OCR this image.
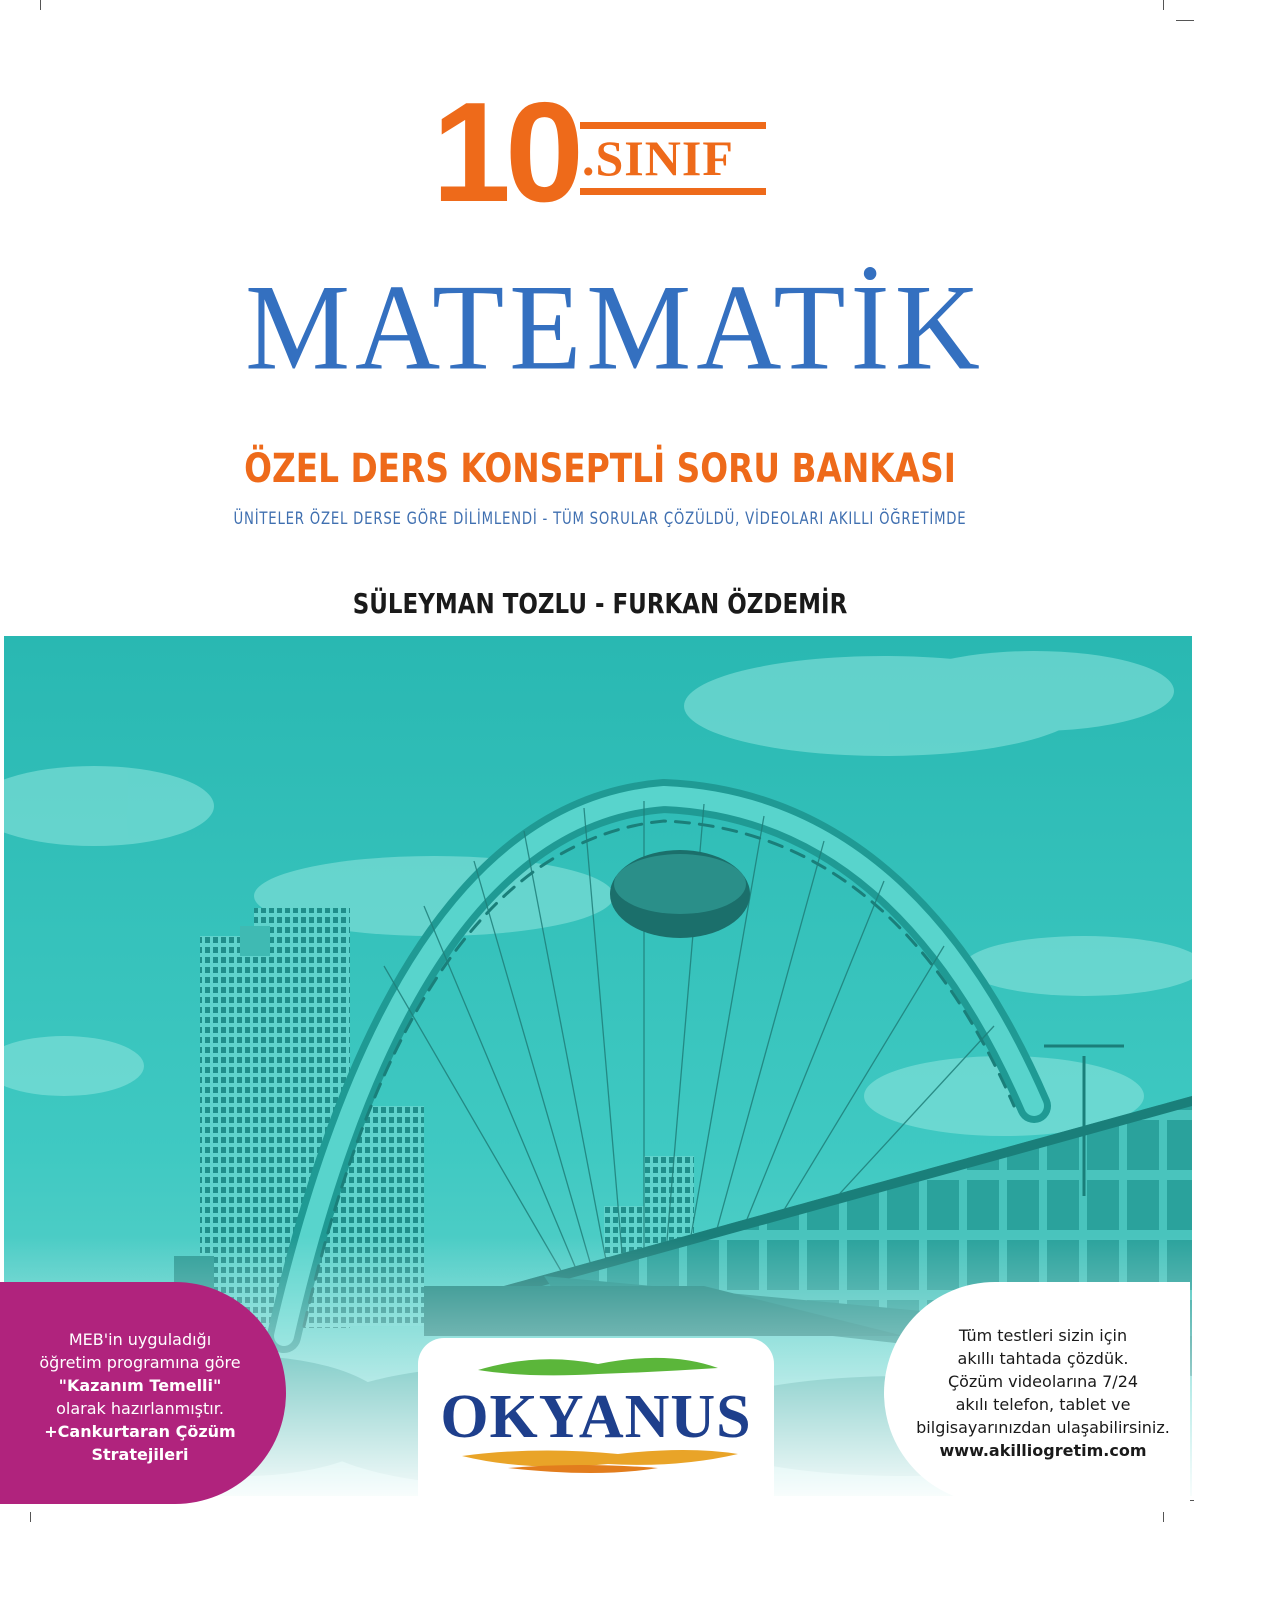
10 .SINIF
MATEMATİK
ÖZEL DERS KONSEPTLİ SORU BANKASI
ÜNİTELER ÖZEL DERSE GÖRE DİLİMLENDİ - TÜM SORULAR ÇÖZÜLDÜ, VİDEOLARI AKILLI ÖĞRETİMDE
SÜLEYMAN TOZLU - FURKAN ÖZDEMİR
MEB'in uyguladığı
öğretim programına göre
"Kazanım Temelli"
olarak hazırlanmıştır.
+Cankurtaran Çözüm
Stratejileri
OKYANUS
Tüm testleri sizin için
akıllı tahtada çözdük.
Çözüm videolarına 7/24
akılı telefon, tablet ve
bilgisayarınızdan ulaşabilirsiniz.
www.akilliogretim.com
